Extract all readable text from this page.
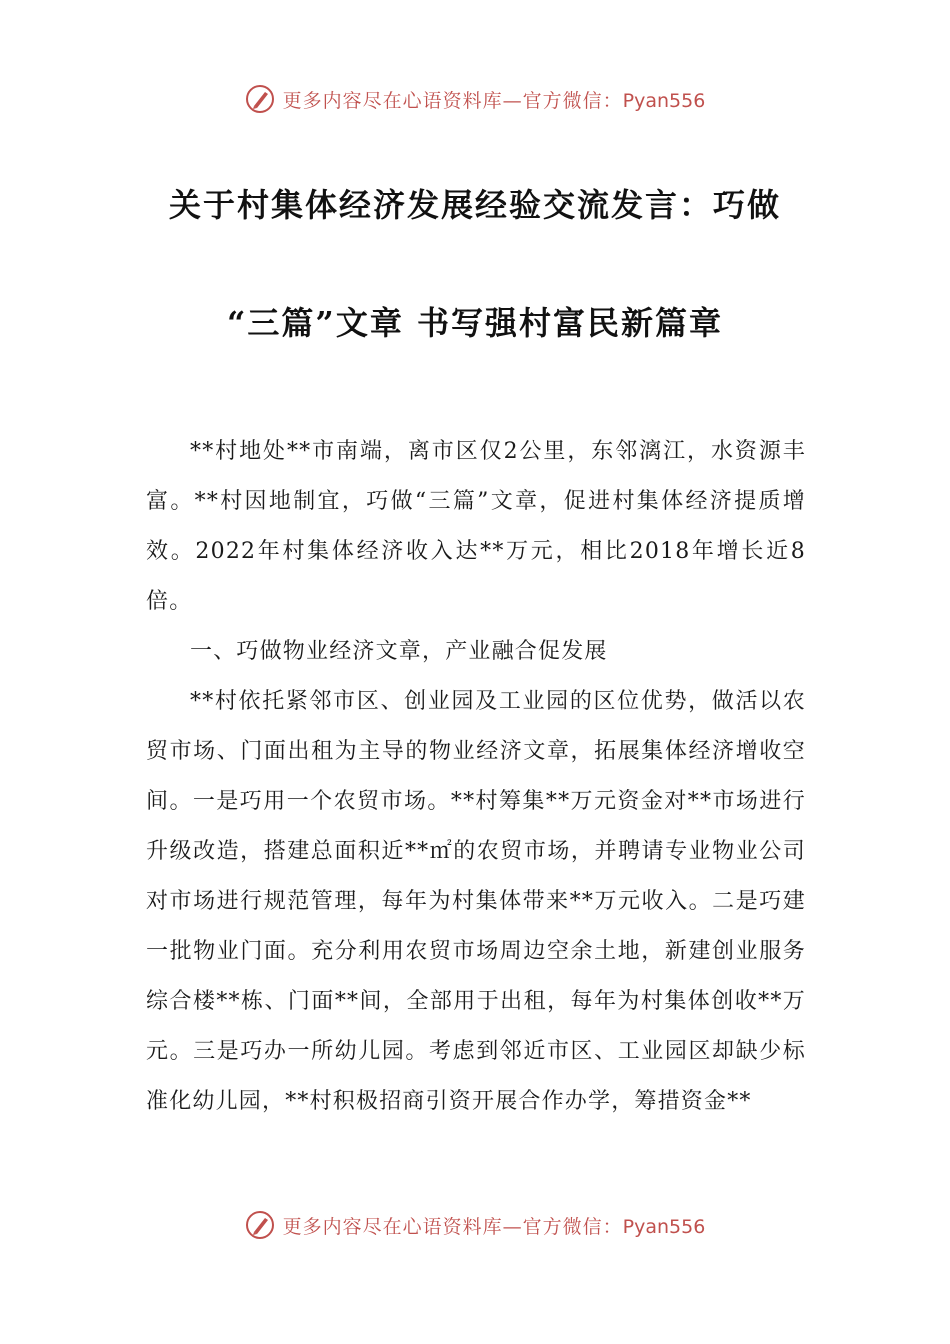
更多内容尽在心语资料库—官方微信：Pyan556
关于村集体经济发展经验交流发言：巧做
“三篇”文章 书写强村富民新篇章

**村地处**市南端，离市区仅2公里，东邻漓江，水资源丰富。**村因地制宜，巧做“三篇”文章，促进村集体经济提质增效。2022年村集体经济收入达**万元，相比2018年增长近8倍。

一、巧做物业经济文章，产业融合促发展

**村依托紧邻市区、创业园及工业园的区位优势，做活以农贸市场、门面出租为主导的物业经济文章，拓展集体经济增收空间。一是巧用一个农贸市场。**村筹集**万元资金对**市场进行升级改造，搭建总面积近**㎡的农贸市场，并聘请专业物业公司对市场进行规范管理，每年为村集体带来**万元收入。二是巧建一批物业门面。充分利用农贸市场周边空余土地，新建创业服务综合楼**栋、门面**间，全部用于出租，每年为村集体创收**万元。三是巧办一所幼儿园。考虑到邻近市区、工业园区却缺少标准化幼儿园，**村积极招商引资开展合作办学，筹措资金**

更多内容尽在心语资料库—官方微信：Pyan556
